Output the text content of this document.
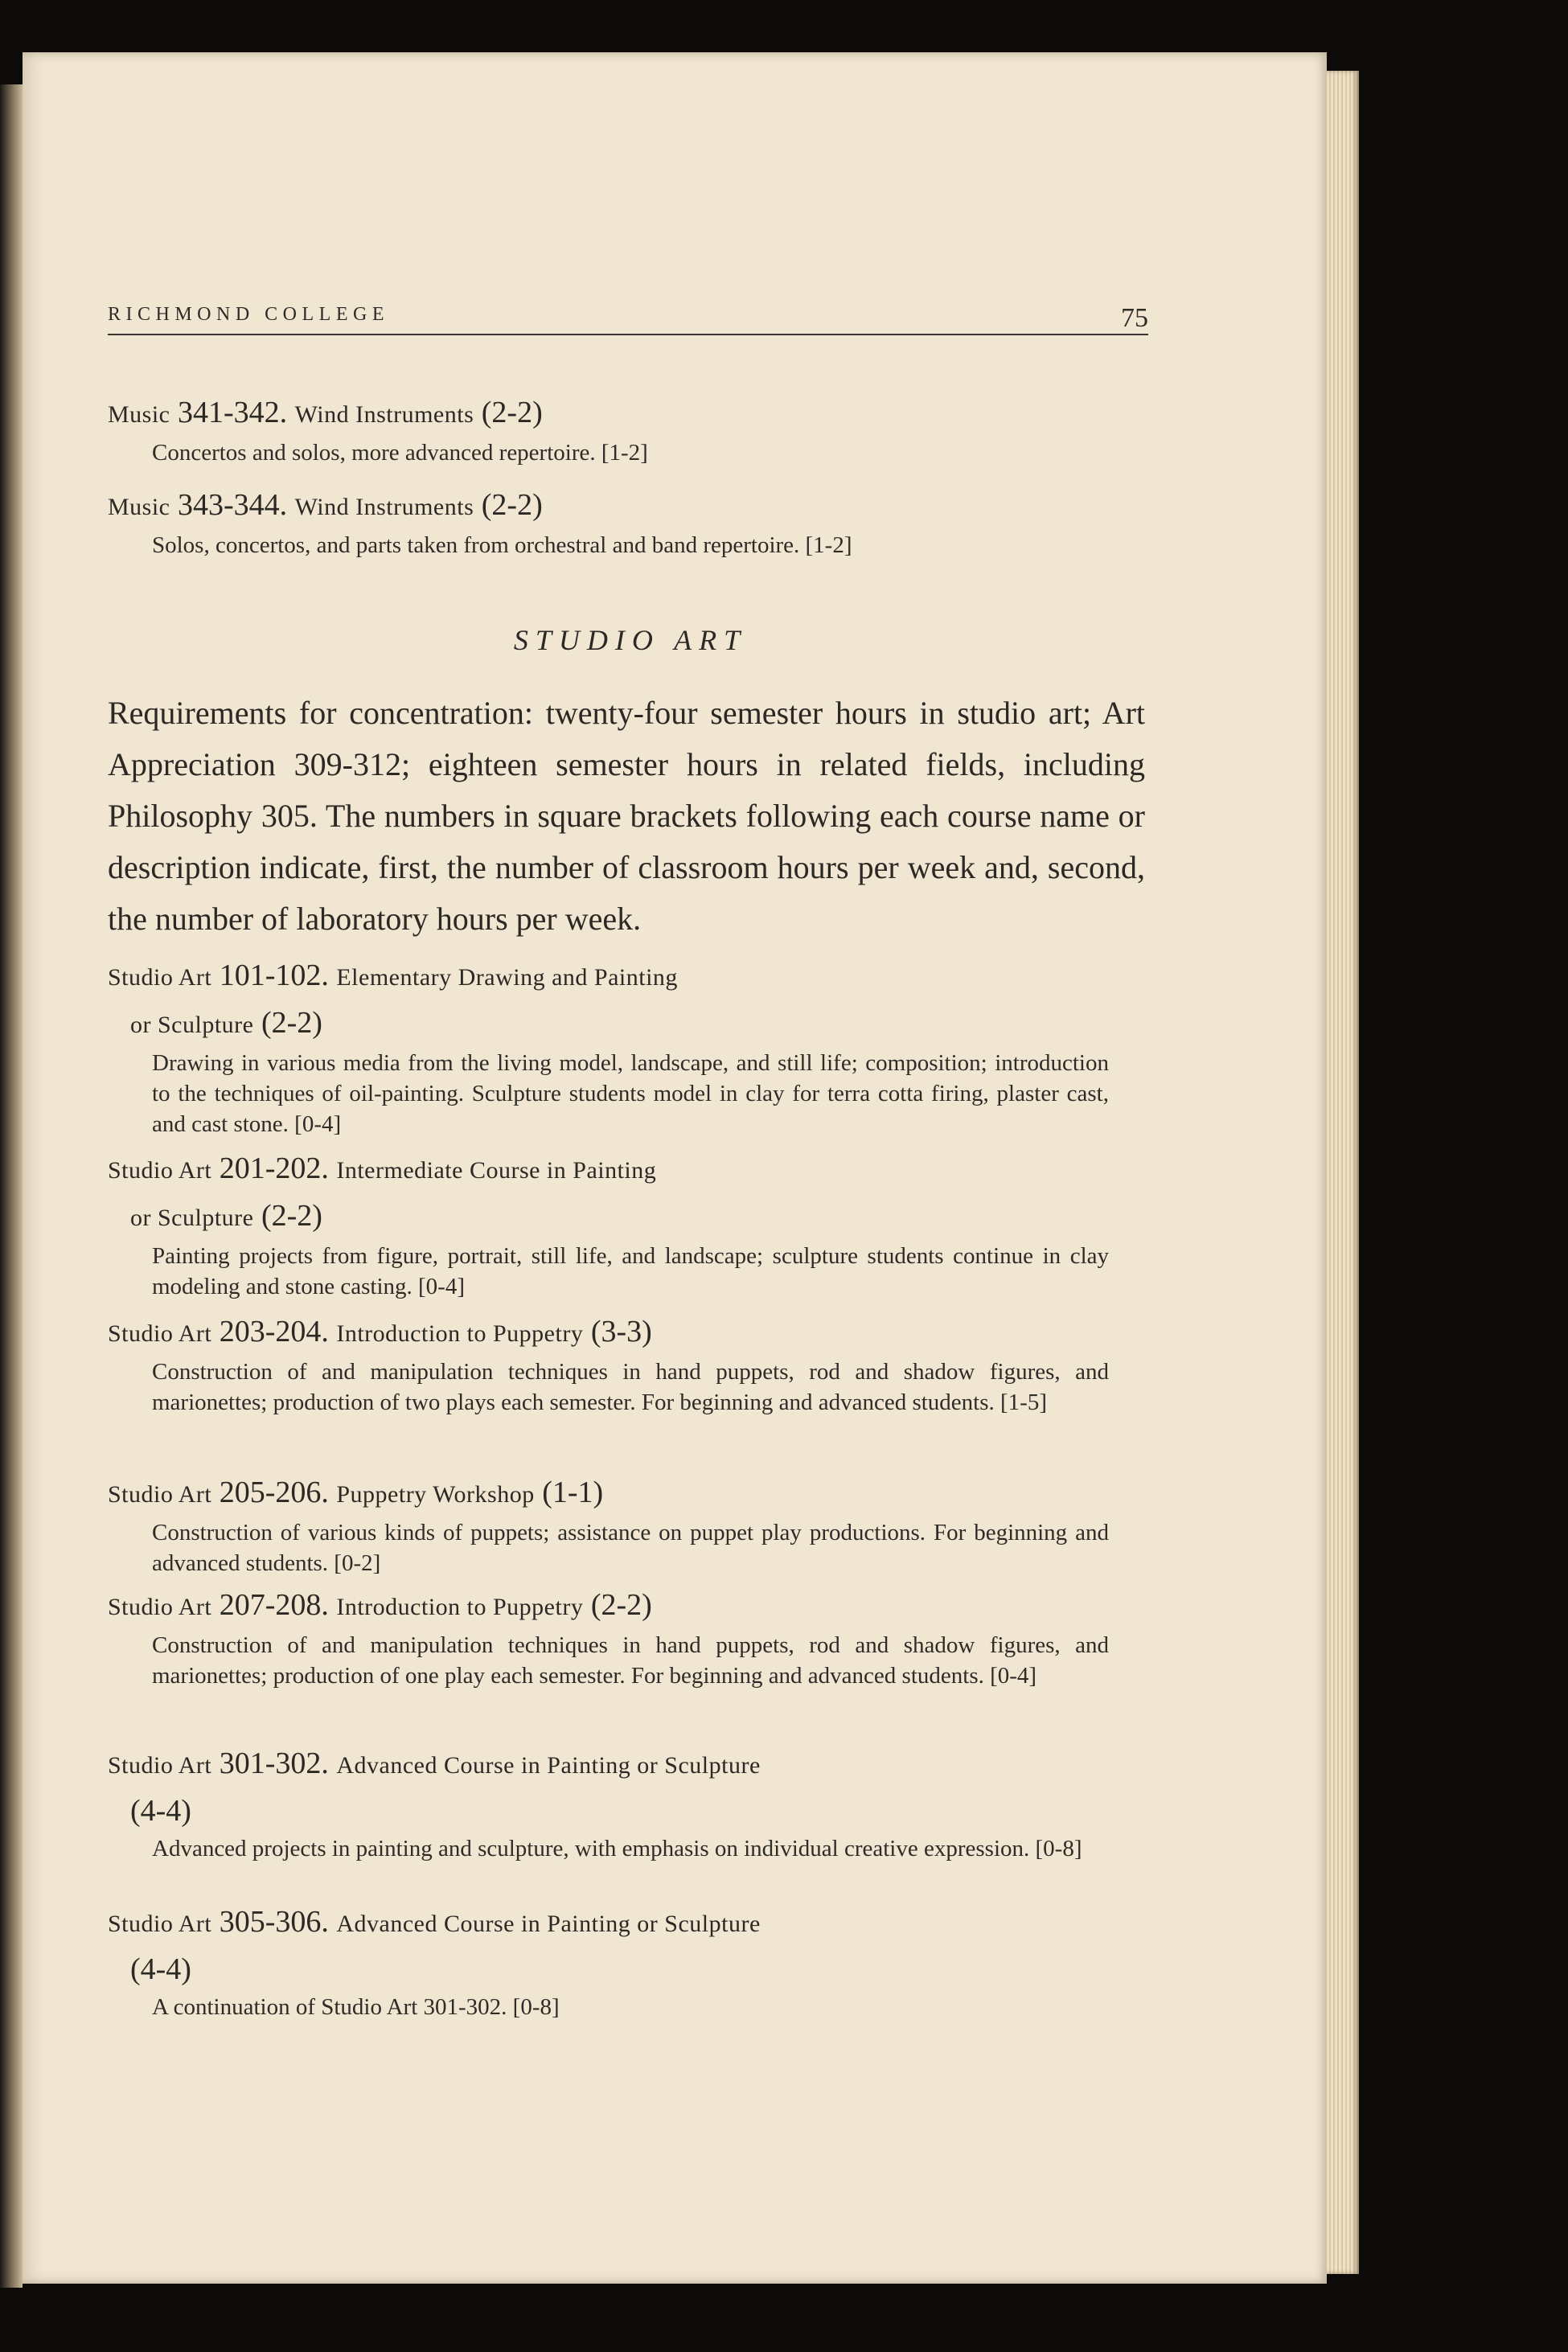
RICHMOND COLLEGE	75
Music 341-342. Wind Instruments (2-2)
Concertos and solos, more advanced repertoire. [1-2]
Music 343-344. Wind Instruments (2-2)
Solos, concertos, and parts taken from orchestral and band repertoire. [1-2]
STUDIO ART
Requirements for concentration: twenty-four semester hours in studio art; Art Appreciation 309-312; eighteen semester hours in related fields, including Philosophy 305. The numbers in square brackets following each course name or description indicate, first, the number of classroom hours per week and, second, the number of laboratory hours per week.
Studio Art 101-102. Elementary Drawing and Painting
or Sculpture (2-2)
Drawing in various media from the living model, landscape, and still life; composition; introduction to the techniques of oil-painting. Sculpture students model in clay for terra cotta firing, plaster cast, and cast stone. [0-4]
Studio Art 201-202. Intermediate Course in Painting
or Sculpture (2-2)
Painting projects from figure, portrait, still life, and landscape; sculpture students continue in clay modeling and stone casting. [0-4]
Studio Art 203-204. Introduction to Puppetry (3-3)
Construction of and manipulation techniques in hand puppets, rod and shadow figures, and marionettes; production of two plays each semester. For beginning and advanced students. [1-5]
Studio Art 205-206. Puppetry Workshop (1-1)
Construction of various kinds of puppets; assistance on puppet play productions. For beginning and advanced students. [0-2]
Studio Art 207-208. Introduction to Puppetry (2-2)
Construction of and manipulation techniques in hand puppets, rod and shadow figures, and marionettes; production of one play each semester. For beginning and advanced students. [0-4]
Studio Art 301-302. Advanced Course in Painting or Sculpture
(4-4)
Advanced projects in painting and sculpture, with emphasis on individual creative expression. [0-8]
Studio Art 305-306. Advanced Course in Painting or Sculpture
(4-4)
A continuation of Studio Art 301-302. [0-8]
